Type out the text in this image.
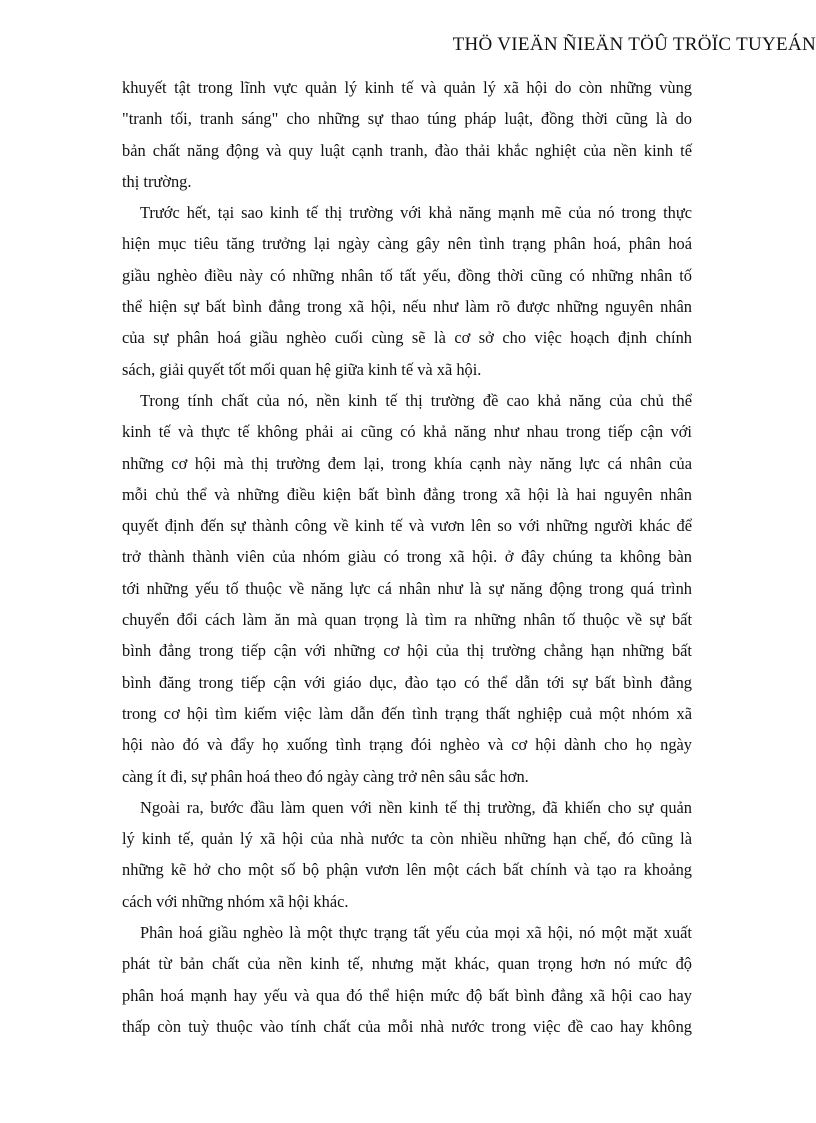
THÖ VIEÄN ÑIEÄN TÖÛ TRÖÏC TUYEÁN
khuyết tật trong lĩnh vực quản lý kinh tế và quản lý xã hội do còn những vùng
"tranh tối, tranh sáng" cho những sự thao túng pháp luật, đồng thời cũng là do
bản chất năng động và quy luật cạnh tranh, đào thải khắc nghiệt của nền kinh tế
thị trường.
Trước hết, tại sao kinh tế thị trường với khả năng mạnh mẽ của nó trong thực
hiện mục tiêu tăng trưởng lại ngày càng gây nên tình trạng phân hoá, phân hoá
giầu nghèo điều này có những nhân tố tất yếu, đồng thời cũng có những nhân tố
thể hiện sự bất bình đẳng trong xã hội, nếu như làm rõ được những nguyên nhân
của sự phân hoá giầu nghèo cuối cùng sẽ là cơ sở cho việc hoạch định chính
sách, giải quyết tốt mối quan hệ giữa kinh tế và xã hội.
Trong tính chất của nó, nền kinh tế thị trường đề cao khả năng của chủ thể
kinh tế và thực tế không phải ai cũng có khả năng như nhau trong tiếp cận với
những cơ hội mà thị trường đem lại, trong khía cạnh này năng lực cá nhân của
mỗi chủ thể và những điều kiện bất bình đẳng trong xã hội là hai nguyên nhân
quyết định đến sự thành công về kinh tế và vươn lên so với những người khác để
trở thành thành viên của nhóm giàu có trong xã hội. ở đây chúng ta không bàn
tới những yếu tố thuộc về năng lực cá nhân như là sự năng động trong quá trình
chuyển đổi cách làm ăn mà quan trọng là tìm ra những nhân tố thuộc về sự bất
bình đẳng trong tiếp cận với những cơ hội của thị trường chẳng hạn những bất
bình đăng trong tiếp cận với giáo dục, đào tạo có thể dẫn tới sự bất bình đẳng
trong cơ hội tìm kiếm việc làm dẫn đến tình trạng thất nghiệp cuả một nhóm xã
hội nào đó và đẩy họ xuống tình trạng đói nghèo và cơ hội dành cho họ ngày
càng ít đi, sự phân hoá theo đó ngày càng trở nên sâu sắc hơn.
Ngoài ra, bước đầu làm quen với nền kinh tế thị trường, đã khiến cho sự quản
lý kinh tế, quản lý xã hội của nhà nước ta còn nhiều những hạn chế, đó cũng là
những kẽ hở cho một số bộ phận vươn lên một cách bất chính và tạo ra khoảng
cách với những nhóm xã hội khác.
Phân hoá giầu nghèo là một thực trạng tất yếu của mọi xã hội, nó một mặt xuất
phát từ bản chất của nền kinh tế, nhưng mặt khác, quan trọng hơn nó mức độ
phân hoá mạnh hay yếu và qua đó thể hiện mức độ bất bình đẳng xã hội cao hay
thấp còn tuỳ thuộc vào tính chất của mỗi nhà nước trong việc đề cao hay không
